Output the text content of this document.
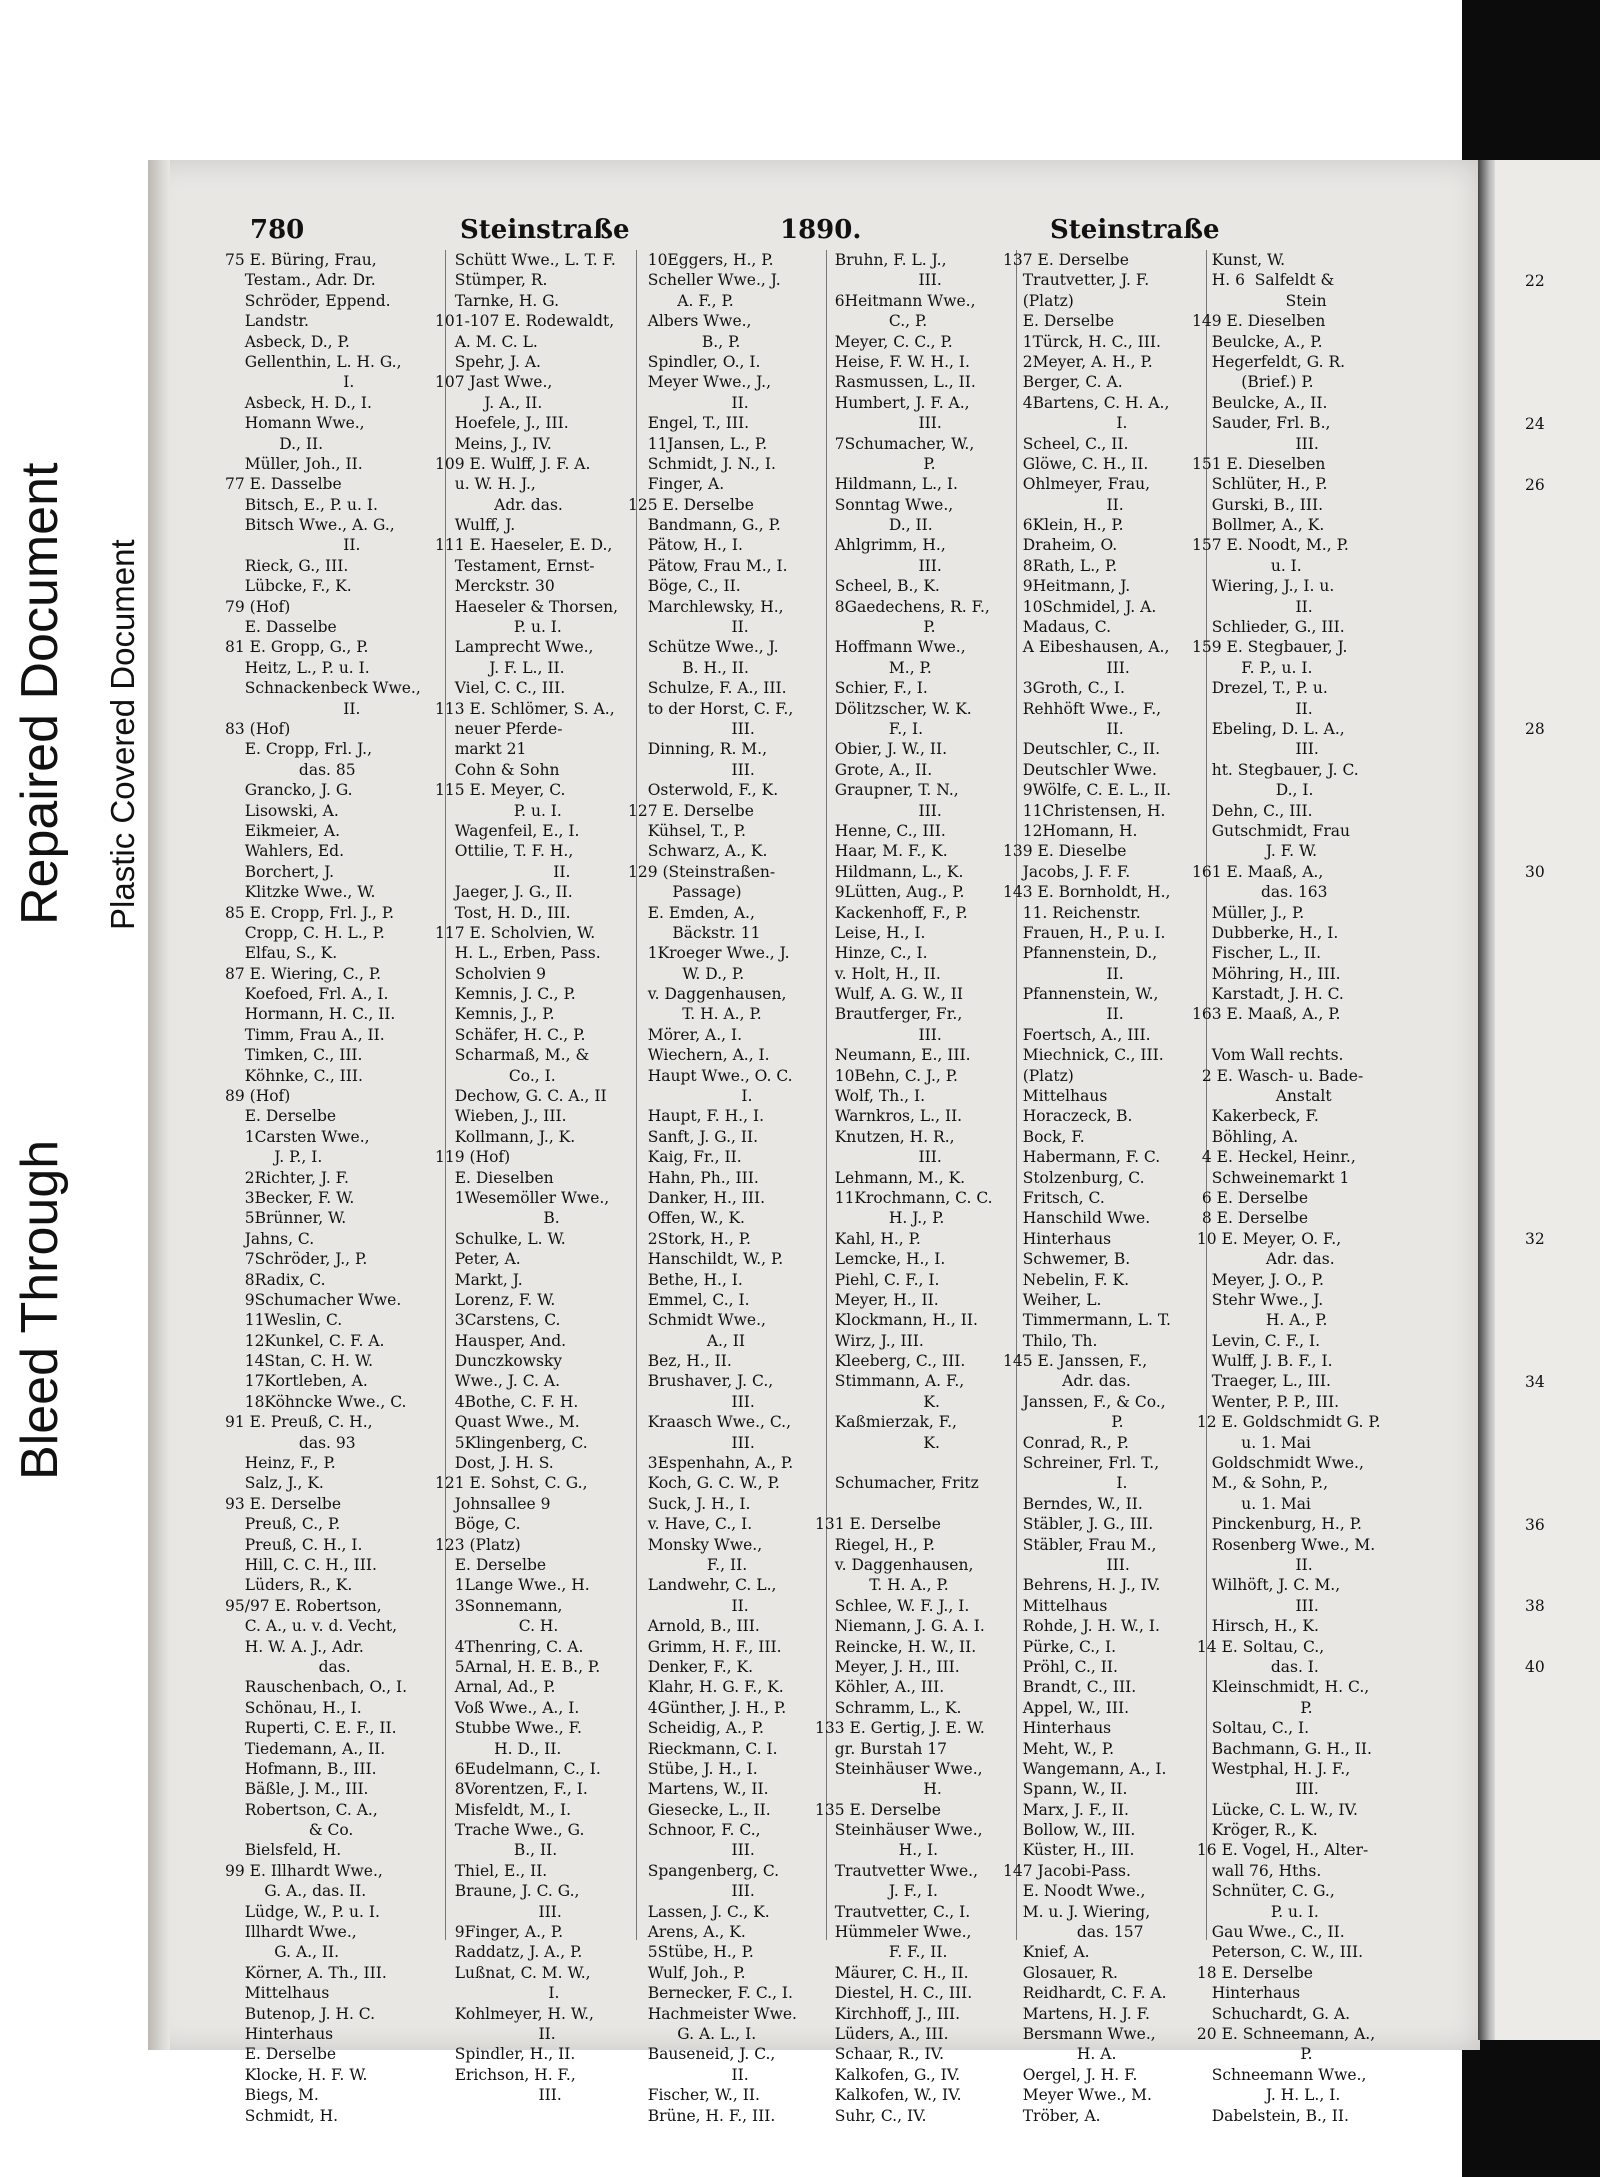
Bleed Through
Repaired Document Plastic Covered Document

22

24

26

28

30

32

34

36

38

40

780	Steinstraße	1890.	Steinstraße

75 E. Büring, Frau,

Testam., Adr. Dr.

Schröder, Eppend.

Landstr.

Asbeck, D., P.

Gellenthin, L. H. G.,

I.

Asbeck, H. D., I.

Homann Wwe.,

D., II.

Müller, Joh., II.

77 E. Dasselbe

Bitsch, E., P. u. I.

Bitsch Wwe., A. G.,

II.

Rieck, G., III.

Lübcke, F., K.

79 (Hof)

E. Dasselbe

81 E. Gropp, G., P.

Heitz, L., P. u. I.

Schnackenbeck Wwe.,

II.

83 (Hof)

E. Cropp, Frl. J.,

das. 85

Grancko, J. G.

Lisowski, A.

Eikmeier, A.

Wahlers, Ed.

Borchert, J.

Klitzke Wwe., W.

85 E. Cropp, Frl. J., P.

Cropp, C. H. L., P.

Elfau, S., K.

87 E. Wiering, C., P.

Koefoed, Frl. A., I.

Hormann, H. C., II.

Timm, Frau A., II.

Timken, C., III.

Köhnke, C., III.

89 (Hof)

E. Derselbe

1Carsten Wwe.,

J. P., I.

2Richter, J. F.

3Becker, F. W.

5Brünner, W.

Jahns, C.

7Schröder, J., P.

8Radix, C.

9Schumacher Wwe.

11Weslin, C.

12Kunkel, C. F. A.

14Stan, C. H. W.

17Kortleben, A.

18Köhncke Wwe., C.

91 E. Preuß, C. H.,

das. 93

Heinz, F., P.

Salz, J., K.

93 E. Derselbe

Preuß, C., P.

Preuß, C. H., I.

Hill, C. C. H., III.

Lüders, R., K.

95/97 E. Robertson,

C. A., u. v. d. Vecht,

H. W. A. J., Adr.

das.

Rauschenbach, O., I.

Schönau, H., I.

Ruperti, C. E. F., II.

Tiedemann, A., II.

Hofmann, B., III.

Bäßle, J. M., III.

Robertson, C. A.,

& Co.

Bielsfeld, H.

99 E. Illhardt Wwe.,

G. A., das. II.

Lüdge, W., P. u. I.

Illhardt Wwe.,

G. A., II.

Körner, A. Th., III.

Mittelhaus

Butenop, J. H. C.

Hinterhaus

E. Derselbe

Klocke, H. F. W.

Biegs, M.

Schmidt, H.

Schütt Wwe., L. T. F.

Stümper, R.

Tarnke, H. G.

101-107 E. Rodewaldt,

A. M. C. L.

Spehr, J. A.

107 Jast Wwe.,

J. A., II.

Hoefele, J., III.

Meins, J., IV.

109 E. Wulff, J. F. A.

u. W. H. J.,

Adr. das.

Wulff, J.

111 E. Haeseler, E. D.,

Testament, Ernst-

Merckstr. 30

Haeseler & Thorsen,

P. u. I.

Lamprecht Wwe.,

J. F. L., II.

Viel, C. C., III.

113 E. Schlömer, S. A.,

neuer Pferde-

markt 21

Cohn & Sohn

115 E. Meyer, C.

P. u. I.

Wagenfeil, E., I.

Ottilie, T. F. H.,

II.

Jaeger, J. G., II.

Tost, H. D., III.

117 E. Scholvien, W.

H. L., Erben, Pass.

Scholvien 9

Kemnis, J. C., P.

Kemnis, J., P.

Schäfer, H. C., P.

Scharmaß, M., &

Co., I.

Dechow, G. C. A., II

Wieben, J., III.

Kollmann, J., K.

119 (Hof)

E. Dieselben

1Wesemöller Wwe.,

B.

Schulke, L. W.

Peter, A.

Markt, J.

Lorenz, F. W.

3Carstens, C.

Hausper, And.

Dunczkowsky

Wwe., J. C. A.

4Bothe, C. F. H.

Quast Wwe., M.

5Klingenberg, C.

Dost, J. H. S.

121 E. Sohst, C. G.,

Johnsallee 9

Böge, C.

123 (Platz)

E. Derselbe

1Lange Wwe., H.

3Sonnemann,

C. H.

4Thenring, C. A.

5Arnal, H. E. B., P.

Arnal, Ad., P.

Voß Wwe., A., I.

Stubbe Wwe., F.

H. D., II.

6Eudelmann, C., I.

8Vorentzen, F., I.

Misfeldt, M., I.

Trache Wwe., G.

B., II.

Thiel, E., II.

Braune, J. C. G.,

III.

9Finger, A., P.

Raddatz, J. A., P.

Lußnat, C. M. W.,

I.

Kohlmeyer, H. W.,

II.

Spindler, H., II.

Erichson, H. F.,

III.

10Eggers, H., P.

Scheller Wwe., J.

A. F., P.

Albers Wwe.,

B., P.

Spindler, O., I.

Meyer Wwe., J.,

II.

Engel, T., III.

11Jansen, L., P.

Schmidt, J. N., I.

Finger, A.

125 E. Derselbe

Bandmann, G., P.

Pätow, H., I.

Pätow, Frau M., I.

Böge, C., II.

Marchlewsky, H.,

II.

Schütze Wwe., J.

B. H., II.

Schulze, F. A., III.

to der Horst, C. F.,

III.

Dinning, R. M.,

III.

Osterwold, F., K.

127 E. Derselbe

Kühsel, T., P.

Schwarz, A., K.

129 (Steinstraßen-

Passage)

E. Emden, A.,

Bäckstr. 11

1Kroeger Wwe., J.

W. D., P.

v. Daggenhausen,

T. H. A., P.

Mörer, A., I.

Wiechern, A., I.

Haupt Wwe., O. C.

I.

Haupt, F. H., I.

Sanft, J. G., II.

Kaig, Fr., II.

Hahn, Ph., III.

Danker, H., III.

Offen, W., K.

2Stork, H., P.

Hanschildt, W., P.

Bethe, H., I.

Emmel, C., I.

Schmidt Wwe.,

A., II

Bez, H., II.

Brushaver, J. C.,

III.

Kraasch Wwe., C.,

III.

3Espenhahn, A., P.

Koch, G. C. W., P.

Suck, J. H., I.

v. Have, C., I.

Monsky Wwe.,

F., II.

Landwehr, C. L.,

II.

Arnold, B., III.

Grimm, H. F., III.

Denker, F., K.

Klahr, H. G. F., K.

4Günther, J. H., P.

Scheidig, A., P.

Rieckmann, C. I.

Stübe, J. H., I.

Martens, W., II.

Giesecke, L., II.

Schnoor, F. C.,

III.

Spangenberg, C.

III.

Lassen, J. C., K.

Arens, A., K.

5Stübe, H., P.

Wulf, Joh., P.

Bernecker, F. C., I.

Hachmeister Wwe.

G. A. L., I.

Bauseneid, J. C.,

II.

Fischer, W., II.

Brüne, H. F., III.

Bruhn, F. L. J.,

III.

6Heitmann Wwe.,

C., P.

Meyer, C. C., P.

Heise, F. W. H., I.

Rasmussen, L., II.

Humbert, J. F. A.,

III.

7Schumacher, W.,

P.

Hildmann, L., I.

Sonntag Wwe.,

D., II.

Ahlgrimm, H.,

III.

Scheel, B., K.

8Gaedechens, R. F.,

P.

Hoffmann Wwe.,

M., P.

Schier, F., I.

Dölitzscher, W. K.

F., I.

Obier, J. W., II.

Grote, A., II.

Graupner, T. N.,

III.

Henne, C., III.

Haar, M. F., K.

Hildmann, L., K.

9Lütten, Aug., P.

Kackenhoff, F., P.

Leise, H., I.

Hinze, C., I.

v. Holt, H., II.

Wulf, A. G. W., II

Brautferger, Fr.,

III.

Neumann, E., III.

10Behn, C. J., P.

Wolf, Th., I.

Warnkros, L., II.

Knutzen, H. R.,

III.

Lehmann, M., K.

11Krochmann, C. C.

H. J., P.

Kahl, H., P.

Lemcke, H., I.

Piehl, C. F., I.

Meyer, H., II.

Klockmann, H., II.

Wirz, J., III.

Kleeberg, C., III.

Stimmann, A. F.,

K.

Kaßmierzak, F.,

K.

Schumacher, Fritz

131 E. Derselbe

Riegel, H., P.

v. Daggenhausen,

T. H. A., P.

Schlee, W. F. J., I.

Niemann, J. G. A. I.

Reincke, H. W., II.

Meyer, J. H., III.

Köhler, A., III.

Schramm, L., K.

133 E. Gertig, J. E. W.

gr. Burstah 17

Steinhäuser Wwe.,

H.

135 E. Derselbe

Steinhäuser Wwe.,

H., I.

Trautvetter Wwe.,

J. F., I.

Trautvetter, C., I.

Hümmeler Wwe.,

F. F., II.

Mäurer, C. H., II.

Diestel, H. C., III.

Kirchhoff, J., III.

Lüders, A., III.

Schaar, R., IV.

Kalkofen, G., IV.

Kalkofen, W., IV.

Suhr, C., IV.

137 E. Derselbe

Trautvetter, J. F.

(Platz)

E. Derselbe

1Türck, H. C., III.

2Meyer, A. H., P.

Berger, C. A.

4Bartens, C. H. A.,

I.

Scheel, C., II.

Glöwe, C. H., II.

Ohlmeyer, Frau,

II.

6Klein, H., P.

Draheim, O.

8Rath, L., P.

9Heitmann, J.

10Schmidel, J. A.

Madaus, C.

A Eibeshausen, A.,

III.

3Groth, C., I.

Rehhöft Wwe., F.,

II.

Deutschler, C., II.

Deutschler Wwe.

9Wölfe, C. E. L., II.

11Christensen, H.

12Homann, H.

139 E. Dieselbe

Jacobs, J. F. F.

143 E. Bornholdt, H.,

11. Reichenstr.

Frauen, H., P. u. I.

Pfannenstein, D.,

II.

Pfannenstein, W.,

II.

Foertsch, A., III.

Miechnick, C., III.

(Platz)

Mittelhaus

Horaczeck, B.

Bock, F.

Habermann, F. C.

Stolzenburg, C.

Fritsch, C.

Hanschild Wwe.

Hinterhaus

Schwemer, B.

Nebelin, F. K.

Weiher, L.

Timmermann, L. T.

Thilo, Th.

145 E. Janssen, F.,

Adr. das.

Janssen, F., & Co.,

P.

Conrad, R., P.

Schreiner, Frl. T.,

I.

Berndes, W., II.

Stäbler, J. G., III.

Stäbler, Frau M.,

III.

Behrens, H. J., IV.

Mittelhaus

Rohde, J. H. W., I.

Pürke, C., I.

Pröhl, C., II.

Brandt, C., III.

Appel, W., III.

Hinterhaus

Meht, W., P.

Wangemann, A., I.

Spann, W., II.

Marx, J. F., II.

Bollow, W., III.

Küster, H., III.

147 Jacobi-Pass.

E. Noodt Wwe.,

M. u. J. Wiering,

das. 157

Knief, A.

Glosauer, R.

Reidhardt, C. F. A.

Martens, H. J. F.

Bersmann Wwe.,

H. A.

Oergel, J. H. F.

Meyer Wwe., M.

Tröber, A.

Kunst, W.

H. 6  Salfeldt &

Stein

149 E. Dieselben

Beulcke, A., P.

Hegerfeldt, G. R.

(Brief.) P.

Beulcke, A., II.

Sauder, Frl. B.,

III.

151 E. Dieselben

Schlüter, H., P.

Gurski, B., III.

Bollmer, A., K.

157 E. Noodt, M., P.

u. I.

Wiering, J., I. u.

II.

Schlieder, G., III.

159 E. Stegbauer, J.

F. P., u. I.

Drezel, T., P. u.

II.

Ebeling, D. L. A.,

III.

ht. Stegbauer, J. C.

D., I.

Dehn, C., III.

Gutschmidt, Frau

J. F. W.

161 E. Maaß, A.,

das. 163

Müller, J., P.

Dubberke, H., I.

Fischer, L., II.

Möhring, H., III.

Karstadt, J. H. C.

163 E. Maaß, A., P.

Vom Wall rechts.

2 E. Wasch- u. Bade-

Anstalt

Kakerbeck, F.

Böhling, A.

4 E. Heckel, Heinr.,

Schweinemarkt 1

6 E. Derselbe

8 E. Derselbe

10 E. Meyer, O. F.,

Adr. das.

Meyer, J. O., P.

Stehr Wwe., J.

H. A., P.

Levin, C. F., I.

Wulff, J. B. F., I.

Traeger, L., III.

Wenter, P. P., III.

12 E. Goldschmidt G. P.

u. 1. Mai

Goldschmidt Wwe.,

M., & Sohn, P.,

u. 1. Mai

Pinckenburg, H., P.

Rosenberg Wwe., M.

II.

Wilhöft, J. C. M.,

III.

Hirsch, H., K.

14 E. Soltau, C.,

das. I.

Kleinschmidt, H. C.,

P.

Soltau, C., I.

Bachmann, G. H., II.

Westphal, H. J. F.,

III.

Lücke, C. L. W., IV.

Kröger, R., K.

16 E. Vogel, H., Alter-

wall 76, Hths.

Schnüter, C. G.,

P. u. I.

Gau Wwe., C., II.

Peterson, C. W., III.

18 E. Derselbe

Hinterhaus

Schuchardt, G. A.

20 E. Schneemann, A.,

P.

Schneemann Wwe.,

J. H. L., I.

Dabelstein, B., II.
